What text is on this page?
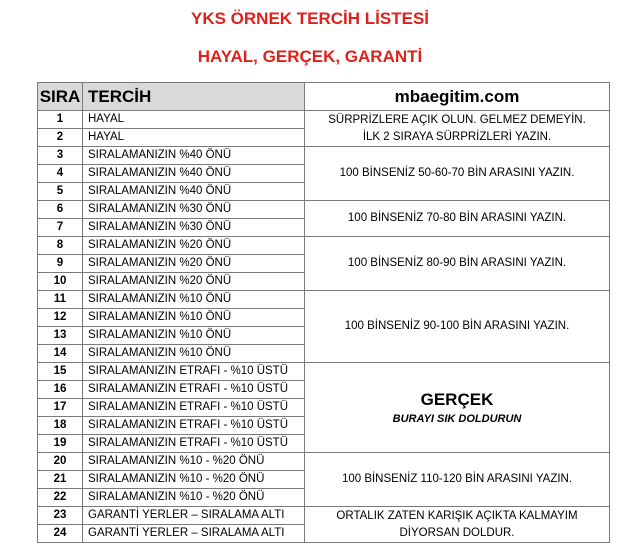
YKS ÖRNEK TERCİH LİSTESİ
HAYAL, GERÇEK, GARANTİ
SIRA	TERCİH	mbaegitim.com
1	HAYAL	SÜRPRİZLERE AÇIK OLUN. GELMEZ DEMEYİN.
İLK 2 SIRAYA SÜRPRİZLERİ YAZIN.
2	HAYAL	
3	SIRALAMANIZIN %40 ÖNÜ	100 BİNSENİZ 50-60-70 BİN ARASINI YAZIN.
4	SIRALAMANIZIN %40 ÖNÜ	
5	SIRALAMANIZIN %40 ÖNÜ	
6	SIRALAMANIZIN %30 ÖNÜ	100 BİNSENİZ 70-80 BİN ARASINI YAZIN.
7	SIRALAMANIZIN %30 ÖNÜ	
8	SIRALAMANIZIN %20 ÖNÜ	100 BİNSENİZ 80-90 BİN ARASINI YAZIN.
9	SIRALAMANIZIN %20 ÖNÜ	
10	SIRALAMANIZIN %20 ÖNÜ	
11	SIRALAMANIZIN %10 ÖNÜ	100 BİNSENİZ 90-100 BİN ARASINI YAZIN.
12	SIRALAMANIZIN %10 ÖNÜ	
13	SIRALAMANIZIN %10 ÖNÜ	
14	SIRALAMANIZIN %10 ÖNÜ	
15	SIRALAMANIZIN ETRAFI - %10 ÜSTÜ	GERÇEK
BURAYI SIK DOLDURUN

16	SIRALAMANIZIN ETRAFI - %10 ÜSTÜ	
17	SIRALAMANIZIN ETRAFI - %10 ÜSTÜ	
18	SIRALAMANIZIN ETRAFI - %10 ÜSTÜ	
19	SIRALAMANIZIN ETRAFI - %10 ÜSTÜ	
20	SIRALAMANIZIN %10 - %20 ÖNÜ	100 BİNSENİZ 110-120 BİN ARASINI YAZIN.
21	SIRALAMANIZIN %10 - %20 ÖNÜ	
22	SIRALAMANIZIN %10 - %20 ÖNÜ	
23	GARANTİ YERLER – SIRALAMA ALTI	ORTALIK ZATEN KARIŞIK AÇIKTA KALMAYIM
DİYORSAN DOLDUR.
24	GARANTİ YERLER – SIRALAMA ALTI	
